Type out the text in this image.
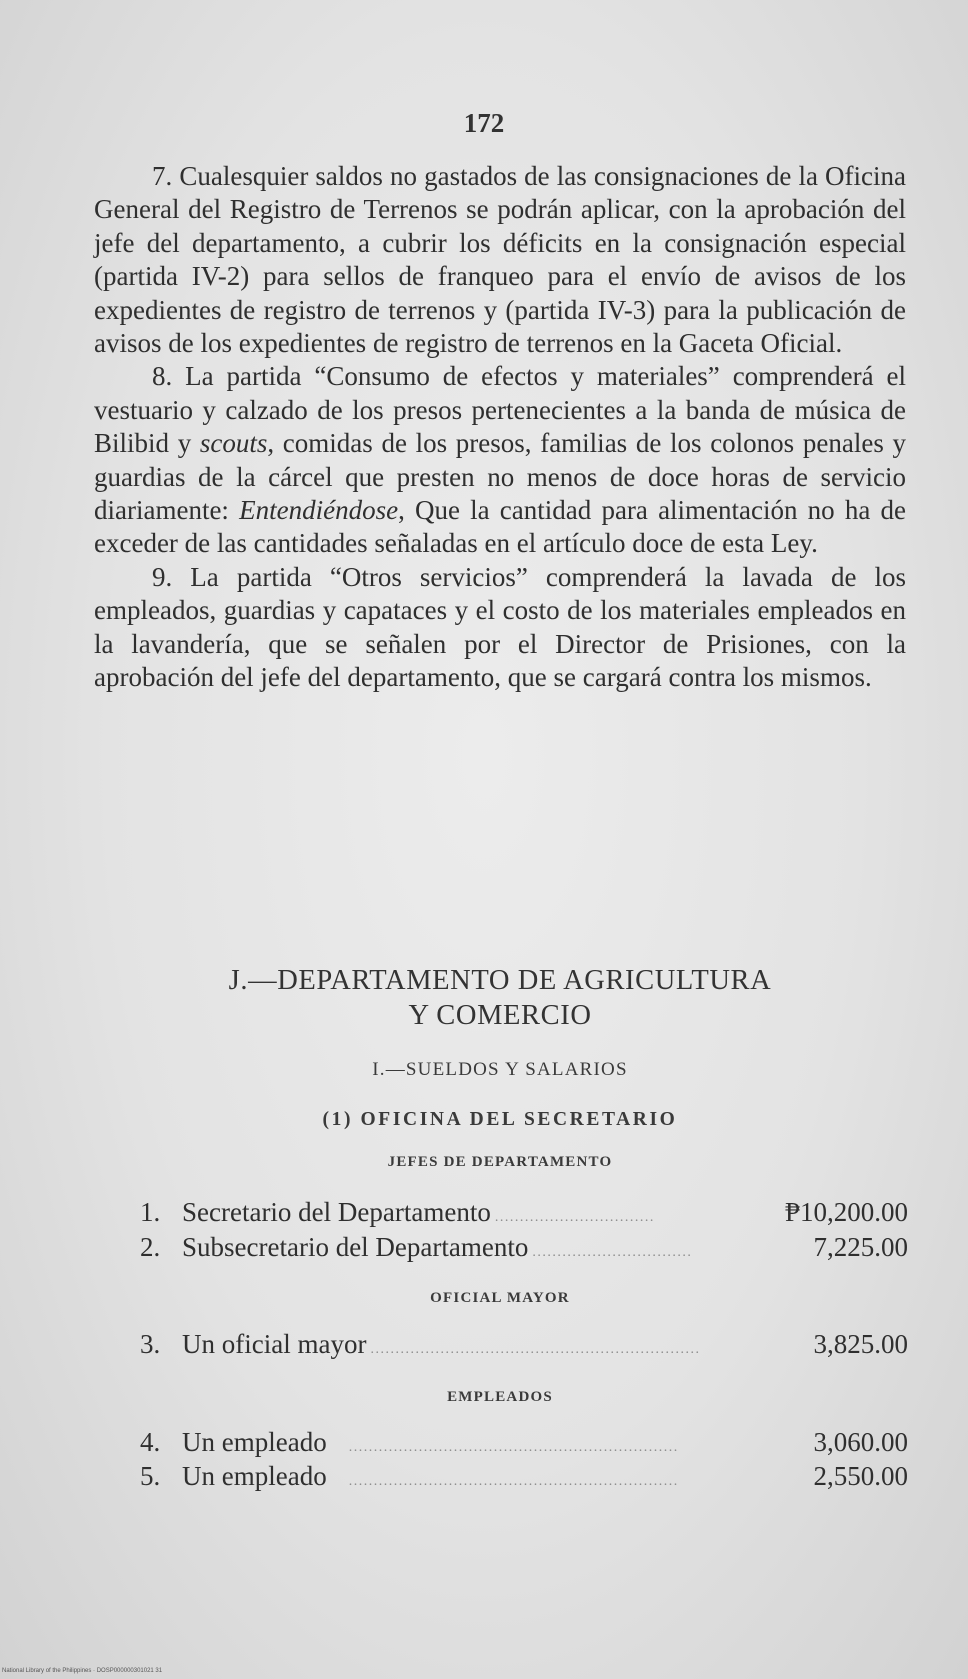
172

7. Cualesquier saldos no gastados de las consignaciones de la Oficina General del Registro de Terrenos se podrán aplicar, con la aprobación del jefe del departamento, a cubrir los déficits en la consignación especial (partida IV-2) para sellos de franqueo para el envío de avisos de los expedientes de registro de terrenos y (partida IV-3) para la publicación de avisos de los expedientes de registro de terrenos en la Gaceta Oficial.

8. La partida “Consumo de efectos y materiales” comprenderá el vestuario y calzado de los presos pertenecientes a la banda de música de Bilibid y scouts, comidas de los presos, familias de los colonos penales y guardias de la cárcel que presten no menos de doce horas de servicio diariamente: Entendiéndose, Que la cantidad para alimentación no ha de exceder de las cantidades señaladas en el artículo doce de esta Ley.

9. La partida “Otros servicios” comprenderá la lavada de los empleados, guardias y capataces y el costo de los materiales empleados en la lavandería, que se señalen por el Director de Prisiones, con la aprobación del jefe del departamento, que se cargará contra los mismos.

J.—DEPARTAMENTO DE AGRICULTURA
Y COMERCIO
I.—SUELDOS Y SALARIOS
(1) OFICINA DEL SECRETARIO
JEFES DE DEPARTAMENTO
1. Secretario del Departamento ................................	₱10,200.00
2. Subsecretario del Departamento ................................	7,225.00
OFICIAL MAYOR
3. Un oficial mayor ..................................................................	3,825.00
EMPLEADOS
4. Un empleado ..................................................................	3,060.00
5. Un empleado ..................................................................	2,550.00
National Library of the Philippines · DOSP000000301021 31
